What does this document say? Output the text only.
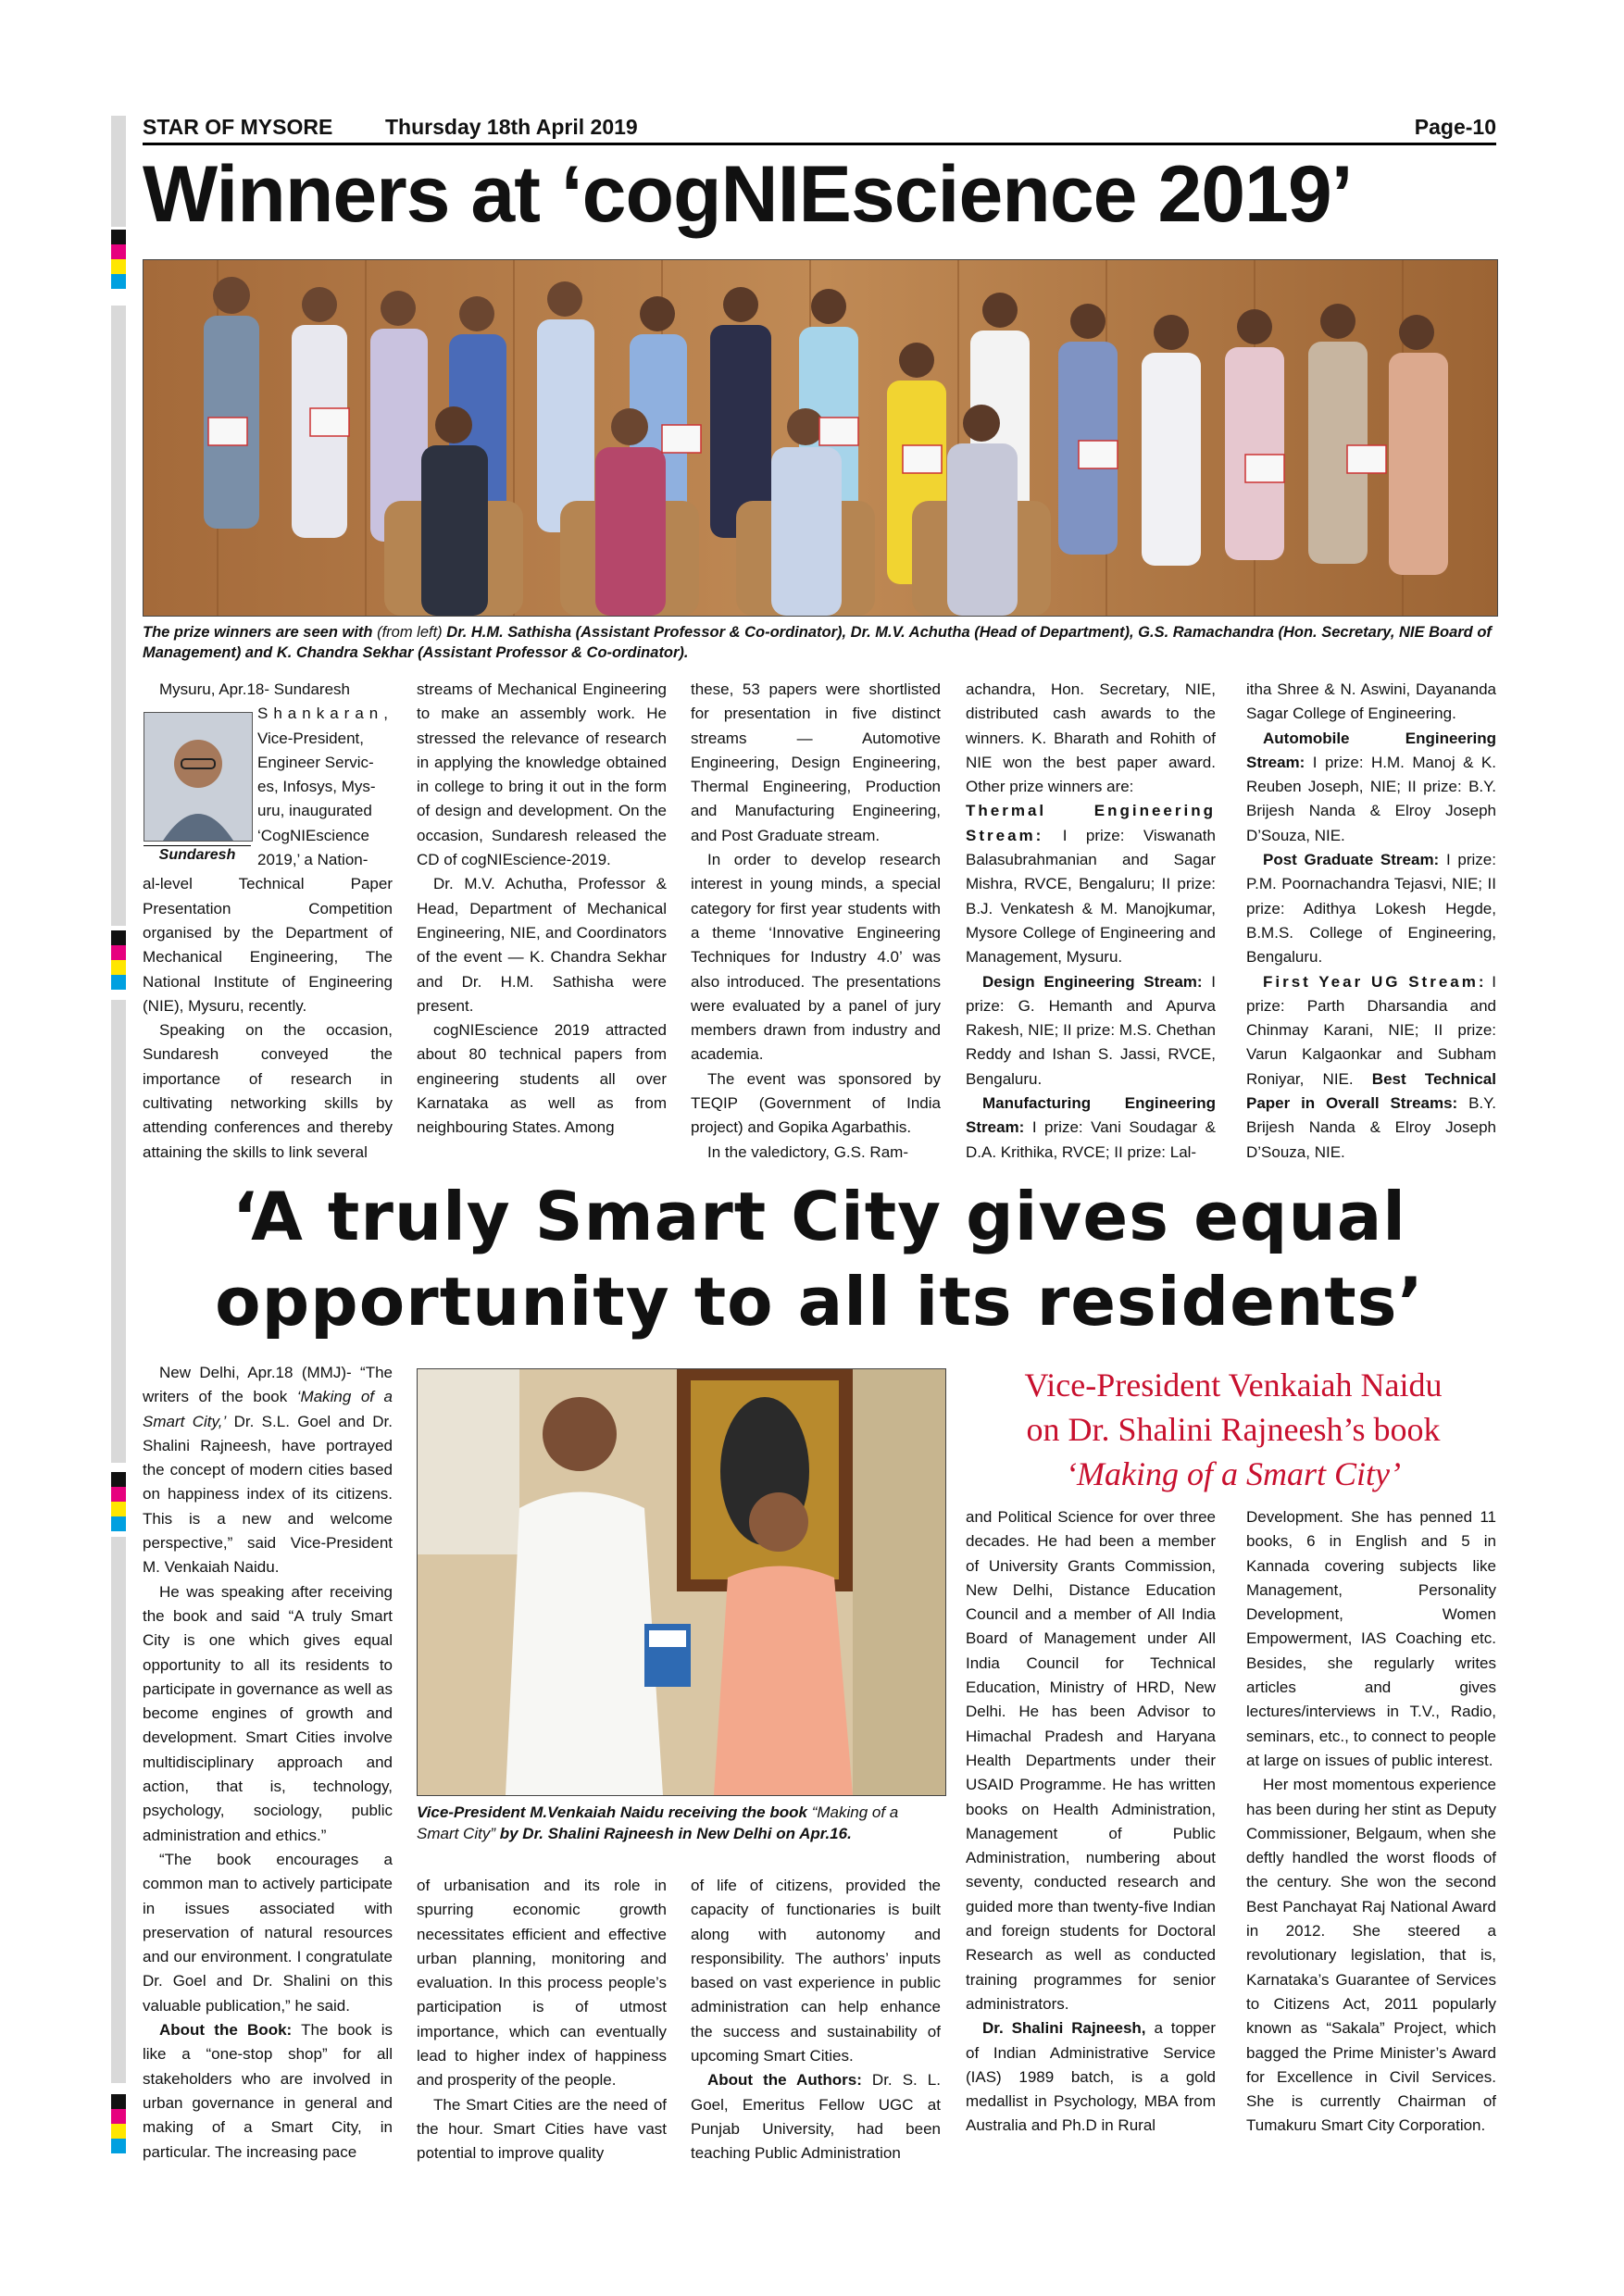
STAR OF MYSORE Thursday 18th April 2019	Page-10
Winners at ‘cogNIEscience 2019’
The prize winners are seen with (from left) Dr. H.M. Sathisha (Assistant Professor & Co-ordinator), Dr. M.V. Achutha (Head of Department), G.S. Ramachandra (Hon. Secretary, NIE Board of Management) and K. Chandra Sekhar (Assistant Professor & Co-ordinator).
Sundaresh
Mysuru, Apr.18- Sundaresh
Shankaran,
Vice-President,
Engineer Servic-
es, Infosys, Mys-
uru, inaugurated
‘CogNIEscience
2019,’ a Nation-

al-level Technical Paper Presentation Competition organised by the Department of Mechanical Engineering, The National Institute of Engineering (NIE), Mysuru, recently.

Speaking on the occasion, Sundaresh conveyed the importance of research in cultivating networking skills by attending conferences and thereby attaining the skills to link several

streams of Mechanical Engineering to make an assembly work. He stressed the relevance of research in applying the knowledge obtained in college to bring it out in the form of design and development. On the occasion, Sundaresh released the CD of cogNIEscience-2019.

Dr. M.V. Achutha, Professor & Head, Department of Mechanical Engineering, NIE, and Coordinators of the event — K. Chandra Sekhar and Dr. H.M. Sathisha were present.

cogNIEscience 2019 attracted about 80 technical papers from engineering students all over Karnataka as well as from neighbouring States. Among

these, 53 papers were shortlisted for presentation in five distinct streams — Automotive Engineering, Design Engineering, Thermal Engineering, Production and Manufacturing Engineering, and Post Graduate stream.

In order to develop research interest in young minds, a special category for first year students with a theme ‘Innovative Engineering Techniques for Industry 4.0’ was also introduced. The presentations were evaluated by a panel of jury members drawn from industry and academia.

The event was sponsored by TEQIP (Government of India project) and Gopika Agarbathis.

In the valedictory, G.S. Ram-

achandra, Hon. Secretary, NIE, distributed cash awards to the winners. K. Bharath and Rohith of NIE won the best paper award. Other prize winners are:

Thermal Engineering Stream: I prize: Viswanath Balasubrahmanian and Sagar Mishra, RVCE, Bengaluru; II prize: B.J. Venkatesh & M. Manojkumar, Mysore College of Engineering and Management, Mysuru.

Design Engineering Stream: I prize: G. Hemanth and Apurva Rakesh, NIE; II prize: M.S. Chethan Reddy and Ishan S. Jassi, RVCE, Bengaluru.

Manufacturing Engineering Stream: I prize: Vani Soudagar & D.A. Krithika, RVCE; II prize: Lal-

itha Shree & N. Aswini, Dayananda Sagar College of Engineering.

Automobile Engineering Stream: I prize: H.M. Manoj & K. Reuben Joseph, NIE; II prize: B.Y. Brijesh Nanda & Elroy Joseph D’Souza, NIE.

Post Graduate Stream: I prize: P.M. Poornachandra Tejasvi, NIE; II prize: Adithya Lokesh Hegde, B.M.S. College of Engineering, Bengaluru.

First Year UG Stream: I prize: Parth Dharsandia and Chinmay Karani, NIE; II prize: Varun Kalgaonkar and Subham Roniyar, NIE. Best Technical Paper in Overall Streams: B.Y. Brijesh Nanda & Elroy Joseph D’Souza, NIE.

‘A truly Smart City gives equal
opportunity to all its residents’
Vice-President Venkaiah Naidu
on Dr. Shalini Rajneesh’s book
‘Making of a Smart City’
Vice-President M.Venkaiah Naidu receiving the book “Making of a Smart City” by Dr. Shalini Rajneesh in New Delhi on Apr.16.

New Delhi, Apr.18 (MMJ)- “The writers of the book ‘Making of a Smart City,’ Dr. S.L. Goel and Dr. Shalini Rajneesh, have portrayed the concept of modern cities based on happiness index of its citizens. This is a new and welcome perspective,” said Vice-President M. Venkaiah Naidu.

He was speaking after receiving the book and said “A truly Smart City is one which gives equal opportunity to all its residents to participate in governance as well as become engines of growth and development. Smart Cities involve multidisciplinary approach and action, that is, technology, psychology, sociology, public administration and ethics.”

“The book encourages a common man to actively participate in issues associated with preservation of natural resources and our environment. I congratulate Dr. Goel and Dr. Shalini on this valuable publication,” he said.

About the Book: The book is like a “one-stop shop” for all stakeholders who are involved in urban governance in general and making of a Smart City, in particular. The increasing pace

of urbanisation and its role in spurring economic growth necessitates efficient and effective urban planning, monitoring and evaluation. In this process people’s participation is of utmost importance, which can eventually lead to higher index of happiness and prosperity of the people.

The Smart Cities are the need of the hour. Smart Cities have vast potential to improve quality

of life of citizens, provided the capacity of functionaries is built along with autonomy and responsibility. The authors’ inputs based on vast experience in public administration can help enhance the success and sustainability of upcoming Smart Cities.

About the Authors: Dr. S. L. Goel, Emeritus Fellow UGC at Punjab University, had been teaching Public Administration

and Political Science for over three decades. He had been a member of University Grants Commission, New Delhi, Distance Education Council and a member of All India Board of Management under All India Council for Technical Education, Ministry of HRD, New Delhi. He has been Advisor to Himachal Pradesh and Haryana Health Departments under their USAID Programme. He has written books on Health Administration, Management of Public Administration, numbering about seventy, conducted research and guided more than twenty-five Indian and foreign students for Doctoral Research as well as conducted training programmes for senior administrators.

Dr. Shalini Rajneesh, a topper of Indian Administrative Service (IAS) 1989 batch, is a gold medallist in Psychology, MBA from Australia and Ph.D in Rural

Development. She has penned 11 books, 6 in English and 5 in Kannada covering subjects like Management, Personality Development, Women Empowerment, IAS Coaching etc. Besides, she regularly writes articles and gives lectures/interviews in T.V., Radio, seminars, etc., to connect to people at large on issues of public interest.

Her most momentous experience has been during her stint as Deputy Commissioner, Belgaum, when she deftly handled the worst floods of the century. She won the second Best Panchayat Raj National Award in 2012. She steered a revolutionary legislation, that is, Karnataka’s Guarantee of Services to Citizens Act, 2011 popularly known as “Sakala” Project, which bagged the Prime Minister’s Award for Excellence in Civil Services. She is currently Chairman of Tumakuru Smart City Corporation.
